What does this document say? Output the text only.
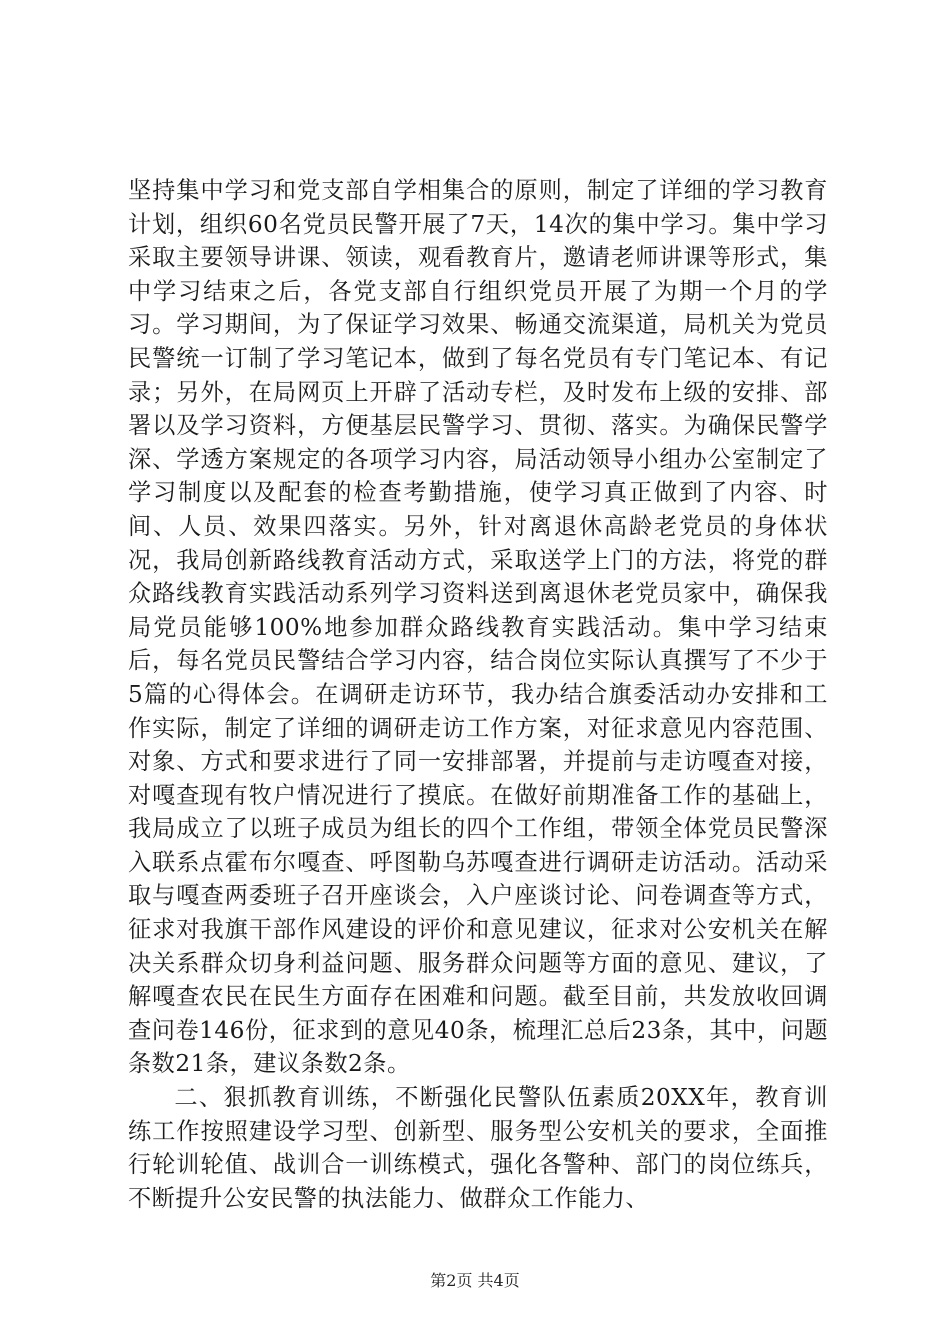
坚持集中学习和党支部自学相集合的原则，制定了详细的学习教育计划，组织60名党员民警开展了7天，14次的集中学习。集中学习采取主要领导讲课、领读，观看教育片，邀请老师讲课等形式，集中学习结束之后，各党支部自行组织党员开展了为期一个月的学习。学习期间，为了保证学习效果、畅通交流渠道，局机关为党员民警统一订制了学习笔记本，做到了每名党员有专门笔记本、有记录；另外，在局网页上开辟了活动专栏，及时发布上级的安排、部署以及学习资料，方便基层民警学习、贯彻、落实。为确保民警学深、学透方案规定的各项学习内容，局活动领导小组办公室制定了学习制度以及配套的检查考勤措施，使学习真正做到了内容、时间、人员、效果四落实。另外，针对离退休高龄老党员的身体状况，我局创新路线教育活动方式，采取送学上门的方法，将党的群众路线教育实践活动系列学习资料送到离退休老党员家中，确保我局党员能够100%地参加群众路线教育实践活动。集中学习结束后，每名党员民警结合学习内容，结合岗位实际认真撰写了不少于5篇的心得体会。在调研走访环节，我办结合旗委活动办安排和工作实际，制定了详细的调研走访工作方案，对征求意见内容范围、对象、方式和要求进行了同一安排部署，并提前与走访嘎查对接，对嘎查现有牧户情况进行了摸底。在做好前期准备工作的基础上，我局成立了以班子成员为组长的四个工作组，带领全体党员民警深入联系点霍布尔嘎查、呼图勒乌苏嘎查进行调研走访活动。活动采取与嘎查两委班子召开座谈会，入户座谈讨论、问卷调查等方式，征求对我旗干部作风建设的评价和意见建议，征求对公安机关在解决关系群众切身利益问题、服务群众问题等方面的意见、建议，了解嘎查农民在民生方面存在困难和问题。截至目前，共发放收回调查问卷146份，征求到的意见40条，梳理汇总后23条，其中，问题条数21条，建议条数2条。

二、狠抓教育训练，不断强化民警队伍素质20XX年，教育训练工作按照建设学习型、创新型、服务型公安机关的要求，全面推行轮训轮值、战训合一训练模式，强化各警种、部门的岗位练兵，不断提升公安民警的执法能力、做群众工作能力、

第2页 共4页
